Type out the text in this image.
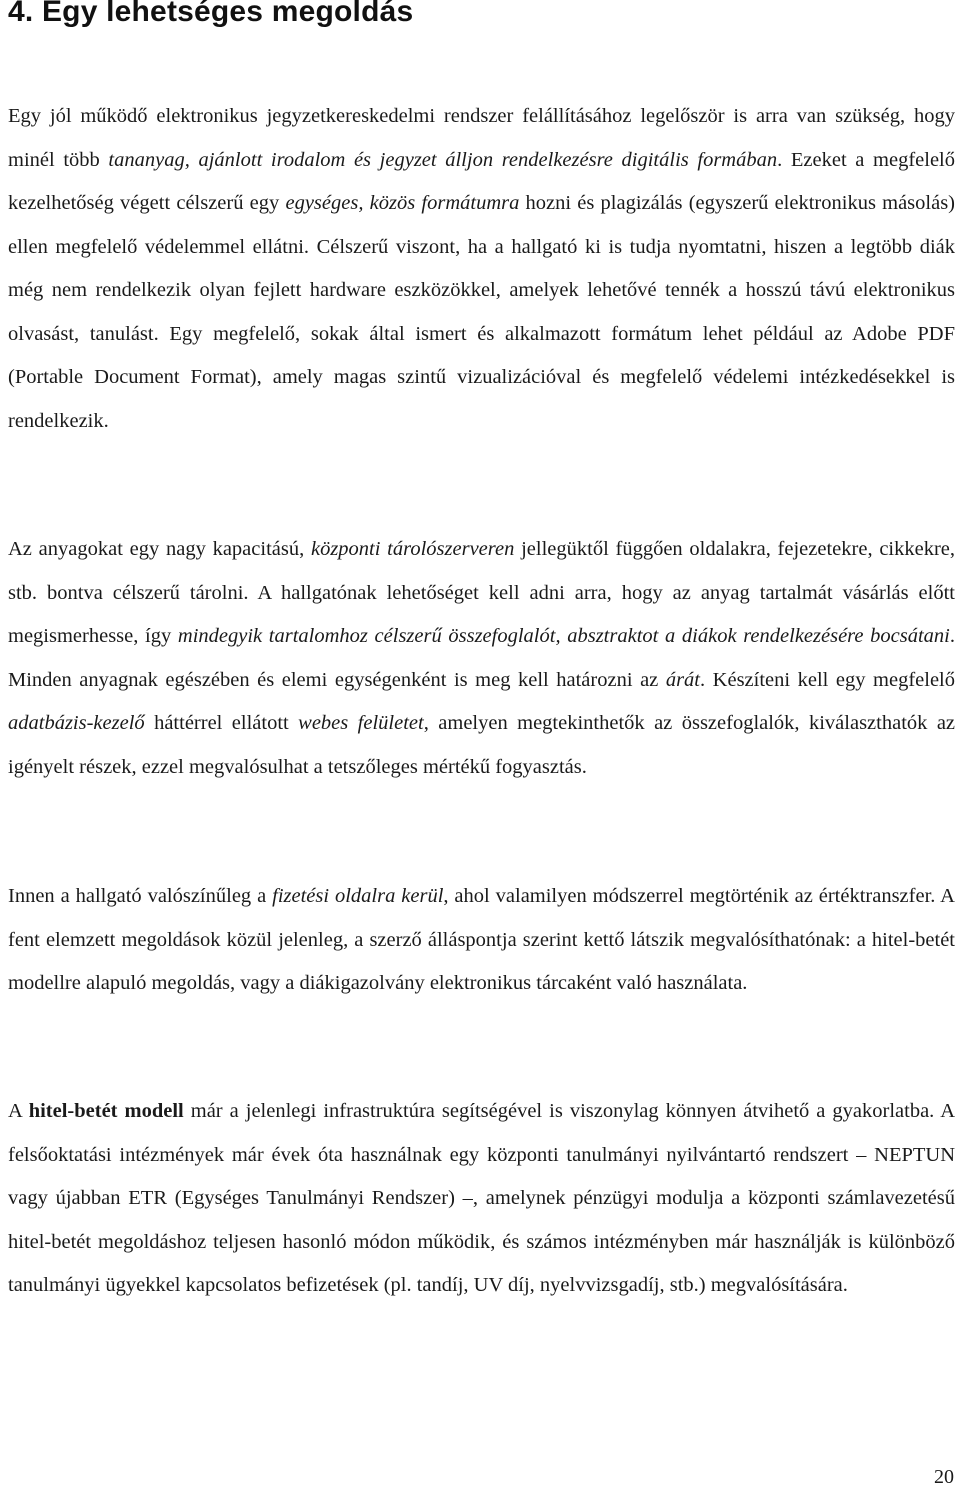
4. Egy lehetséges megoldás

Egy jól működő elektronikus jegyzetkereskedelmi rendszer felállításához legelőször is arra van szükség, hogy minél több tananyag, ajánlott irodalom és jegyzet álljon rendelkezésre digitális formában. Ezeket a megfelelő kezelhetőség végett célszerű egy egységes, közös formátumra hozni és plagizálás (egyszerű elektronikus másolás) ellen megfelelő védelemmel ellátni. Célszerű viszont, ha a hallgató ki is tudja nyomtatni, hiszen a legtöbb diák még nem rendelkezik olyan fejlett hardware eszközökkel, amelyek lehetővé tennék a hosszú távú elektronikus olvasást, tanulást. Egy megfelelő, sokak által ismert és alkalmazott formátum lehet például az Adobe PDF (Portable Document Format), amely magas szintű vizualizációval és megfelelő védelemi intézkedésekkel is rendelkezik.

Az anyagokat egy nagy kapacitású, központi tárolószerveren jellegüktől függően oldalakra, fejezetekre, cikkekre, stb. bontva célszerű tárolni. A hallgatónak lehetőséget kell adni arra, hogy az anyag tartalmát vásárlás előtt megismerhesse, így mindegyik tartalomhoz célszerű összefoglalót, absztraktot a diákok rendelkezésére bocsátani. Minden anyagnak egészében és elemi egységenként is meg kell határozni az árát. Készíteni kell egy megfelelő adatbázis-kezelő háttérrel ellátott webes felületet, amelyen megtekinthetők az összefoglalók, kiválaszthatók az igényelt részek, ezzel megvalósulhat a tetszőleges mértékű fogyasztás.

Innen a hallgató valószínűleg a fizetési oldalra kerül, ahol valamilyen módszerrel megtörténik az értéktranszfer. A fent elemzett megoldások közül jelenleg, a szerző álláspontja szerint kettő látszik megvalósíthatónak: a hitel-betét modellre alapuló megoldás, vagy a diákigazolvány elektronikus tárcaként való használata.

A hitel-betét modell már a jelenlegi infrastruktúra segítségével is viszonylag könnyen átvihető a gyakorlatba. A felsőoktatási intézmények már évek óta használnak egy központi tanulmányi nyilvántartó rendszert – NEPTUN vagy újabban ETR (Egységes Tanulmányi Rendszer) –, amelynek pénzügyi modulja a központi számlavezetésű hitel-betét megoldáshoz teljesen hasonló módon működik, és számos intézményben már használják is különböző tanulmányi ügyekkel kapcsolatos befizetések (pl. tandíj, UV díj, nyelvvizsgadíj, stb.) megvalósítására.

20
